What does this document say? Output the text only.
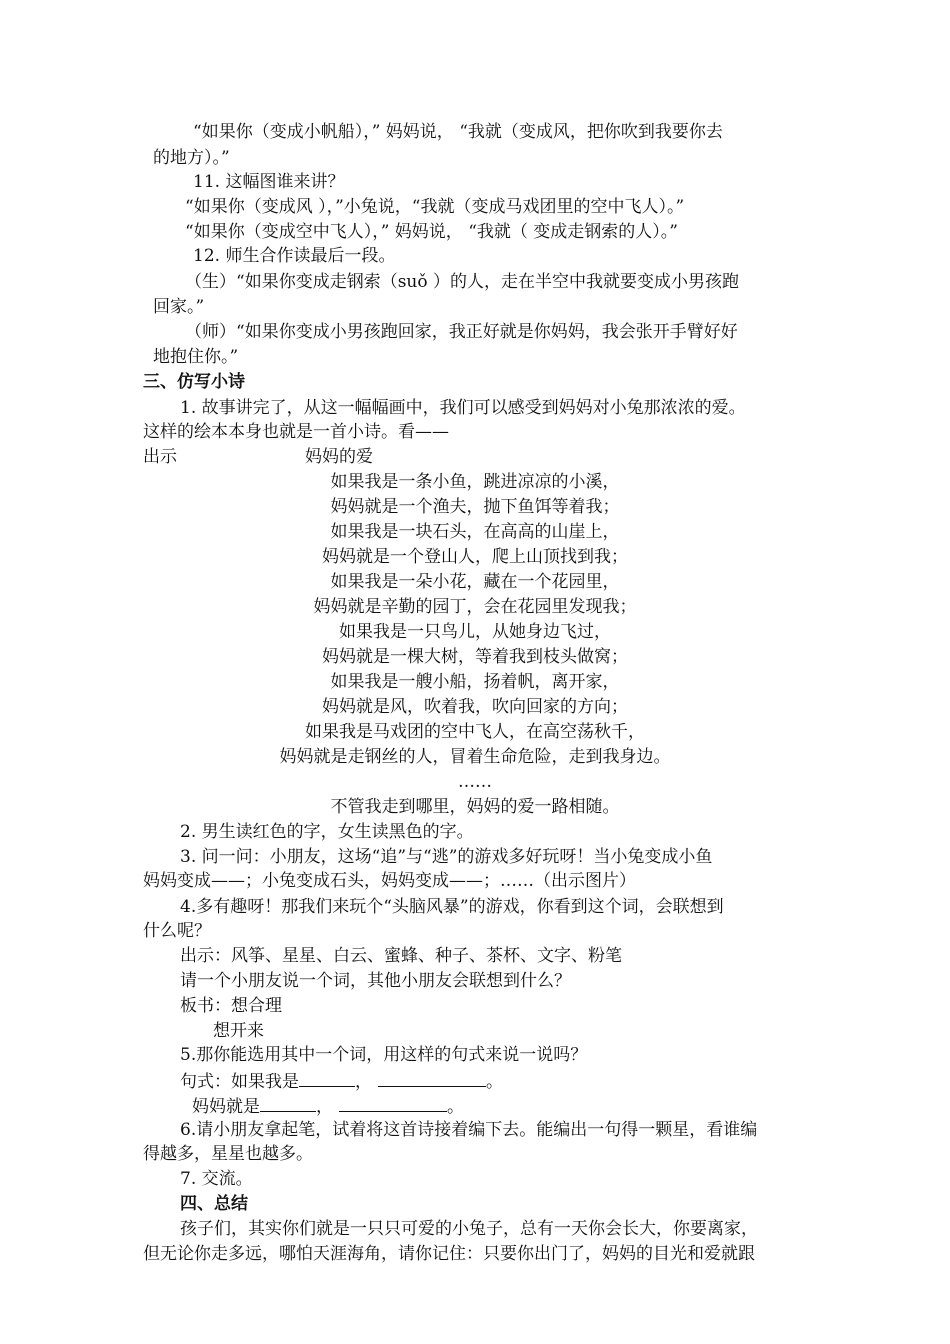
“如果你（变成小帆船），” 妈妈说， “我就（变成风，把你吹到我要你去
的地方）。”
11. 这幅图谁来讲？
“如果你（变成风 ），”小兔说，“我就（变成马戏团里的空中飞人）。”
“如果你（变成空中飞人），” 妈妈说， “我就（ 变成走钢索的人）。”
12. 师生合作读最后一段。
（生）“如果你变成走钢索（suǒ ）的人，走在半空中我就要变成小男孩跑
回家。”
（师）“如果你变成小男孩跑回家，我正好就是你妈妈，我会张开手臂好好
地抱住你。”
三、仿写小诗
1. 故事讲完了，从这一幅幅画中，我们可以感受到妈妈对小兔那浓浓的爱。
这样的绘本本身也就是一首小诗。看——
出示	妈妈的爱
如果我是一条小鱼，跳进凉凉的小溪，
妈妈就是一个渔夫，抛下鱼饵等着我；
如果我是一块石头，在高高的山崖上，
妈妈就是一个登山人，爬上山顶找到我；
如果我是一朵小花，藏在一个花园里，
妈妈就是辛勤的园丁，会在花园里发现我；
如果我是一只鸟儿，从她身边飞过，
妈妈就是一棵大树，等着我到枝头做窝；
如果我是一艘小船，扬着帆，离开家，
妈妈就是风，吹着我，吹向回家的方向；
如果我是马戏团的空中飞人，在高空荡秋千，
妈妈就是走钢丝的人，冒着生命危险，走到我身边。
……
不管我走到哪里，妈妈的爱一路相随。
2. 男生读红色的字，女生读黑色的字。
3. 问一问：小朋友，这场“追”与“逃”的游戏多好玩呀！当小兔变成小鱼
妈妈变成——；小兔变成石头，妈妈变成——；……（出示图片）
4.多有趣呀！那我们来玩个“头脑风暴”的游戏，你看到这个词，会联想到
什么呢？
出示：风筝、星星、白云、蜜蜂、种子、茶杯、文字、粉笔
请一个小朋友说一个词，其他小朋友会联想到什么？
板书：想合理
想开来
5.那你能选用其中一个词，用这样的句式来说一说吗？
句式：如果我是	，	。
妈妈就是	，	。
6.请小朋友拿起笔，试着将这首诗接着编下去。能编出一句得一颗星，看谁编
得越多，星星也越多。
7. 交流。
四、总结
孩子们，其实你们就是一只只可爱的小兔子，总有一天你会长大，你要离家，
但无论你走多远，哪怕天涯海角，请你记住：只要你出门了，妈妈的目光和爱就跟
